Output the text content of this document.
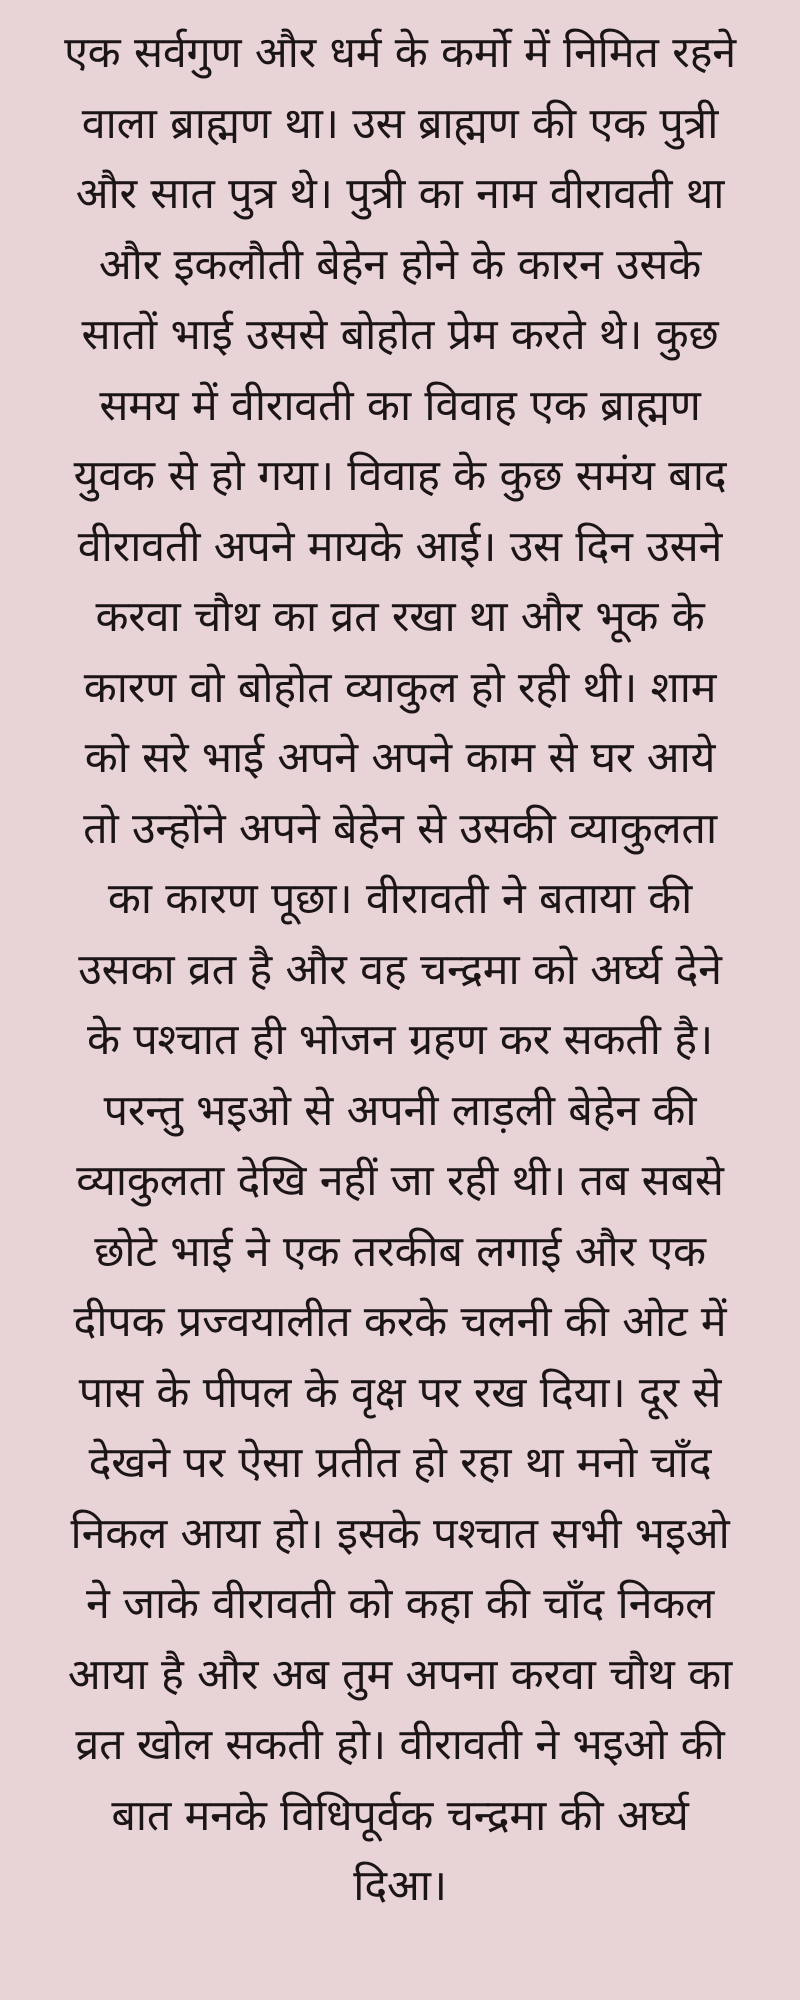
एक सर्वगुण और धर्म के कर्मो में निमित रहने
वाला ब्राह्मण था। उस ब्राह्मण की एक पुत्री
और सात पुत्र थे। पुत्री का नाम वीरावती था
और इकलौती बेहेन होने के कारन उसके
सातों भाई उससे बोहोत प्रेम करते थे। कुछ
समय में वीरावती का विवाह एक ब्राह्मण
युवक से हो गया। विवाह के कुछ समंय बाद
वीरावती अपने मायके आई। उस दिन उसने
करवा चौथ का व्रत रखा था और भूक के
कारण वो बोहोत व्याकुल हो रही थी। शाम
को सरे भाई अपने अपने काम से घर आये
तो उन्होंने अपने बेहेन से उसकी व्याकुलता
का कारण पूछा। वीरावती ने बताया की
उसका व्रत है और वह चन्द्रमा को अर्घ्य देने
के पश्चात ही भोजन ग्रहण कर सकती है।
परन्तु भइओ से अपनी लाड़ली बेहेन की
व्याकुलता देखि नहीं जा रही थी। तब सबसे
छोटे भाई ने एक तरकीब लगाई और एक
दीपक प्रज्वयालीत करके चलनी की ओट में
पास के पीपल के वृक्ष पर रख दिया। दूर से
देखने पर ऐसा प्रतीत हो रहा था मनो चाँद
निकल आया हो। इसके पश्चात सभी भइओ
ने जाके वीरावती को कहा की चाँद निकल
आया है और अब तुम अपना करवा चौथ का
व्रत खोल सकती हो। वीरावती ने भइओ की
बात मनके विधिपूर्वक चन्द्रमा की अर्घ्य
दिआ।
